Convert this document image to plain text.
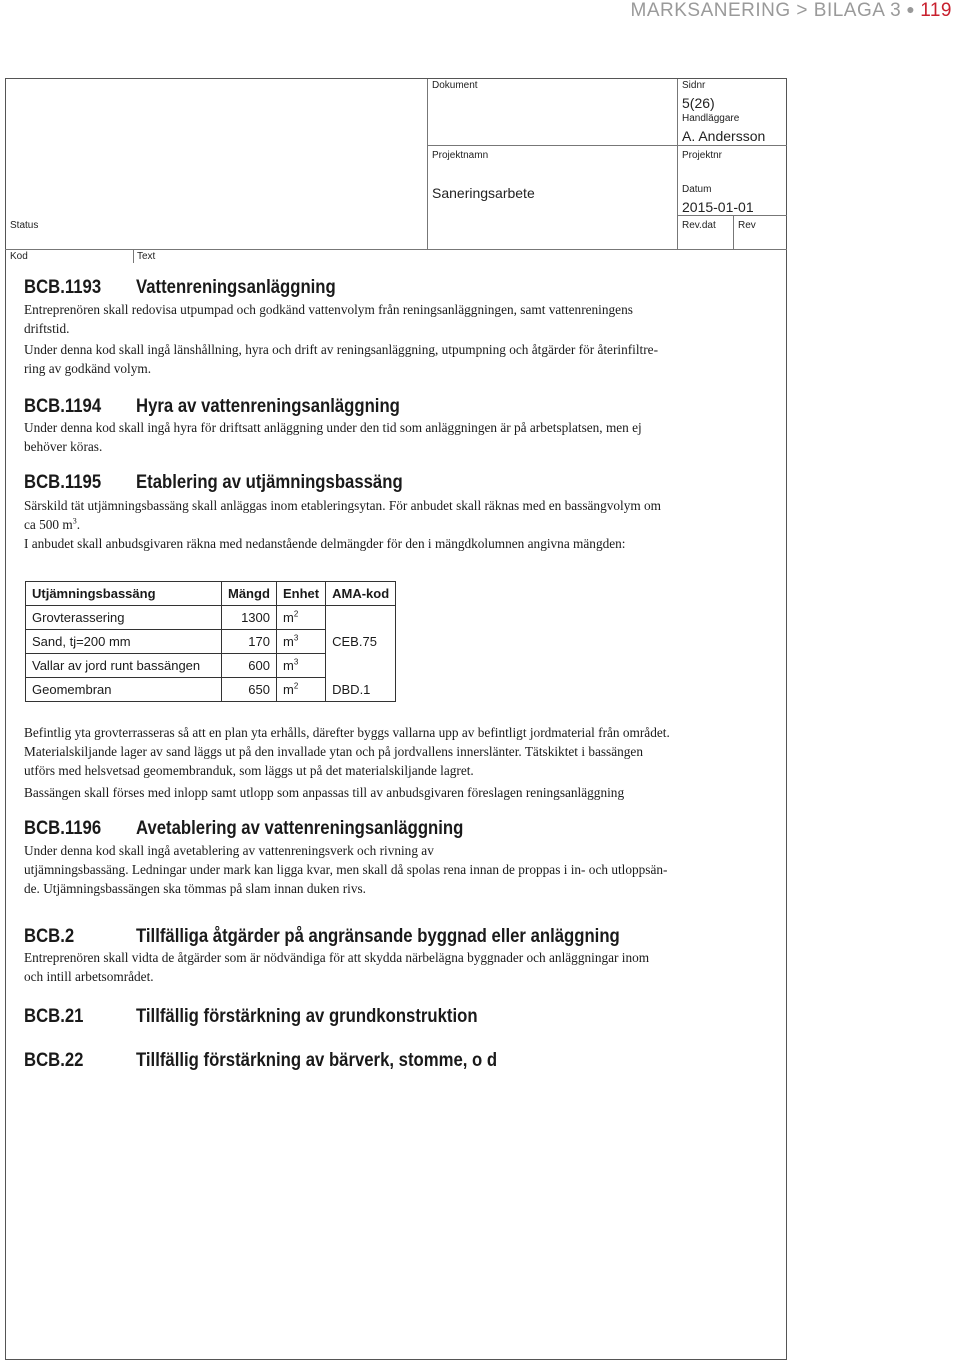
MARKSANERING > BILAGA 3 ● 119
Dokument	Sidnr
5(26)
Handläggare
A. Andersson
Projektnamn	Projektnr
Saneringsarbete	Datum
2015-01-01
Status	Rev.dat Rev
Kod	Text
BCB.1193 Vattenreningsanläggning
Entreprenören skall redovisa utpumpad och godkänd vattenvolym från reningsanläggningen, samt vattenreningens
driftstid.
Under denna kod skall ingå länshållning, hyra och drift av reningsanläggning, utpumpning och åtgärder för återinfiltre-
ring av godkänd volym.
BCB.1194 Hyra av vattenreningsanläggning
Under denna kod skall ingå hyra för driftsatt anläggning under den tid som anläggningen är på arbetsplatsen, men ej
behöver köras.
BCB.1195 Etablering av utjämningsbassäng
Särskild tät utjämningsbassäng skall anläggas inom etableringsytan. För anbudet skall räknas med en bassängvolym om
ca 500 $m^3$.
I anbudet skall anbudsgivaren räkna med nedanstående delmängder för den i mängdkolumnen angivna mängden:
Utjämningsbassäng	Mängd	Enhet	AMA-kod
Grovterassering	1300	$m^2$	
Sand, tj=200 mm	170	$m^3$	CEB.75
Vallar av jord runt bassängen	600	$m^3$	
Geomembran	650	$m^2$	DBD.1
Befintlig yta grovterrasseras så att en plan yta erhålls, därefter byggs vallarna upp av befintligt jordmaterial från området.
Materialskiljande lager av sand läggs ut på den invallade ytan och på jordvallens innerslänter. Tätskiktet i bassängen
utförs med helsvetsad geomembranduk, som läggs ut på det materialskiljande lagret.
Bassängen skall förses med inlopp samt utlopp som anpassas till av anbudsgivaren föreslagen reningsanläggning
BCB.1196 Avetablering av vattenreningsanläggning
Under denna kod skall ingå avetablering av vattenreningsverk och rivning av
utjämningsbassäng. Ledningar under mark kan ligga kvar, men skall då spolas rena innan de proppas i in- och utloppsän-
de. Utjämningsbassängen ska tömmas på slam innan duken rivs.
BCB.2	Tillfälliga åtgärder på angränsande byggnad eller anläggning
Entreprenören skall vidta de åtgärder som är nödvändiga för att skydda närbelägna byggnader och anläggningar inom
och intill arbetsområdet.
BCB.21	Tillfällig förstärkning av grundkonstruktion
BCB.22	Tillfällig förstärkning av bärverk, stomme, o d
